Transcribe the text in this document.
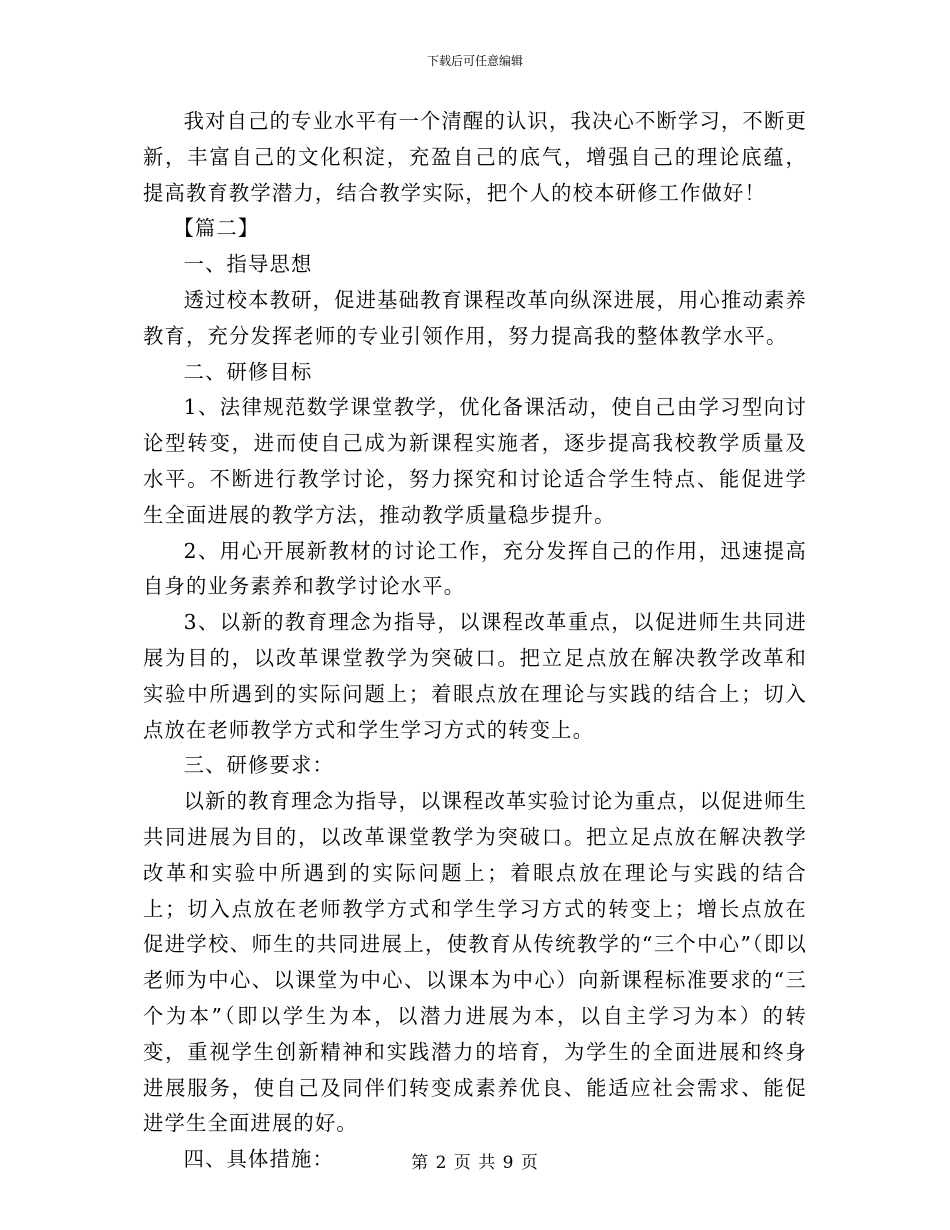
下载后可任意编辑

我对自己的专业水平有一个清醒的认识，我决心不断学习，不断更新，丰富自己的文化积淀，充盈自己的底气，增强自己的理论底蕴，提高教育教学潜力，结合教学实际，把个人的校本研修工作做好！

【篇二】

一、指导思想

透过校本教研，促进基础教育课程改革向纵深进展，用心推动素养教育，充分发挥老师的专业引领作用，努力提高我的整体教学水平。

二、研修目标

1、法律规范数学课堂教学，优化备课活动，使自己由学习型向讨论型转变，进而使自己成为新课程实施者，逐步提高我校教学质量及水平。不断进行教学讨论，努力探究和讨论适合学生特点、能促进学生全面进展的教学方法，推动教学质量稳步提升。

2、用心开展新教材的讨论工作，充分发挥自己的作用，迅速提高自身的业务素养和教学讨论水平。

3、以新的教育理念为指导，以课程改革重点，以促进师生共同进展为目的，以改革课堂教学为突破口。把立足点放在解决教学改革和实验中所遇到的实际问题上；着眼点放在理论与实践的结合上；切入点放在老师教学方式和学生学习方式的转变上。

三、研修要求：

以新的教育理念为指导，以课程改革实验讨论为重点，以促进师生共同进展为目的，以改革课堂教学为突破口。把立足点放在解决教学改革和实验中所遇到的实际问题上；着眼点放在理论与实践的结合上；切入点放在老师教学方式和学生学习方式的转变上；增长点放在促进学校、师生的共同进展上，使教育从传统教学的“三个中心”（即以老师为中心、以课堂为中心、以课本为中心）向新课程标准要求的“三个为本”（即以学生为本，以潜力进展为本，以自主学习为本）的转变，重视学生创新精神和实践潜力的培育，为学生的全面进展和终身进展服务，使自己及同伴们转变成素养优良、能适应社会需求、能促进学生全面进展的好。

四、具体措施：	第 2 页 共 9 页
